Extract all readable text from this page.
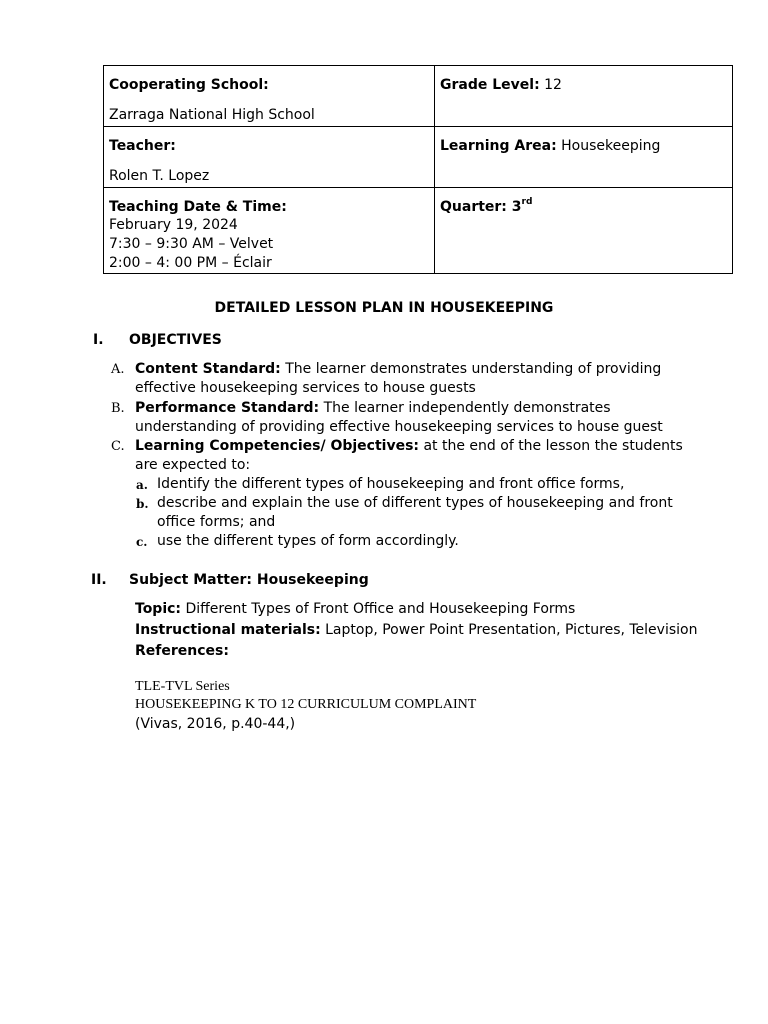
Cooperating School:
Zarraga National High School	Grade Level: 12

Teacher:
Rolen T. Lopez	Learning Area: Housekeeping

Teaching Date & Time:
February 19, 2024
7:30 – 9:30 AM – Velvet
2:00 – 4: 00 PM – Éclair	Quarter: 3rd
DETAILED LESSON PLAN IN HOUSEKEEPING
I. OBJECTIVES
A. Content Standard: The learner demonstrates understanding of providing
effective housekeeping services to house guests
B. Performance Standard: The learner independently demonstrates
understanding of providing effective housekeeping services to house guest
C. Learning Competencies/ Objectives: at the end of the lesson the students
are expected to:
a. Identify the different types of housekeeping and front office forms,
b. describe and explain the use of different types of housekeeping and front
office forms; and
c. use the different types of form accordingly.
II. Subject Matter: Housekeeping
Topic: Different Types of Front Office and Housekeeping Forms
Instructional materials: Laptop, Power Point Presentation, Pictures, Television
References:
TLE-TVL Series
HOUSEKEEPING K TO 12 CURRICULUM COMPLAINT
(Vivas, 2016, p.40-44,)
